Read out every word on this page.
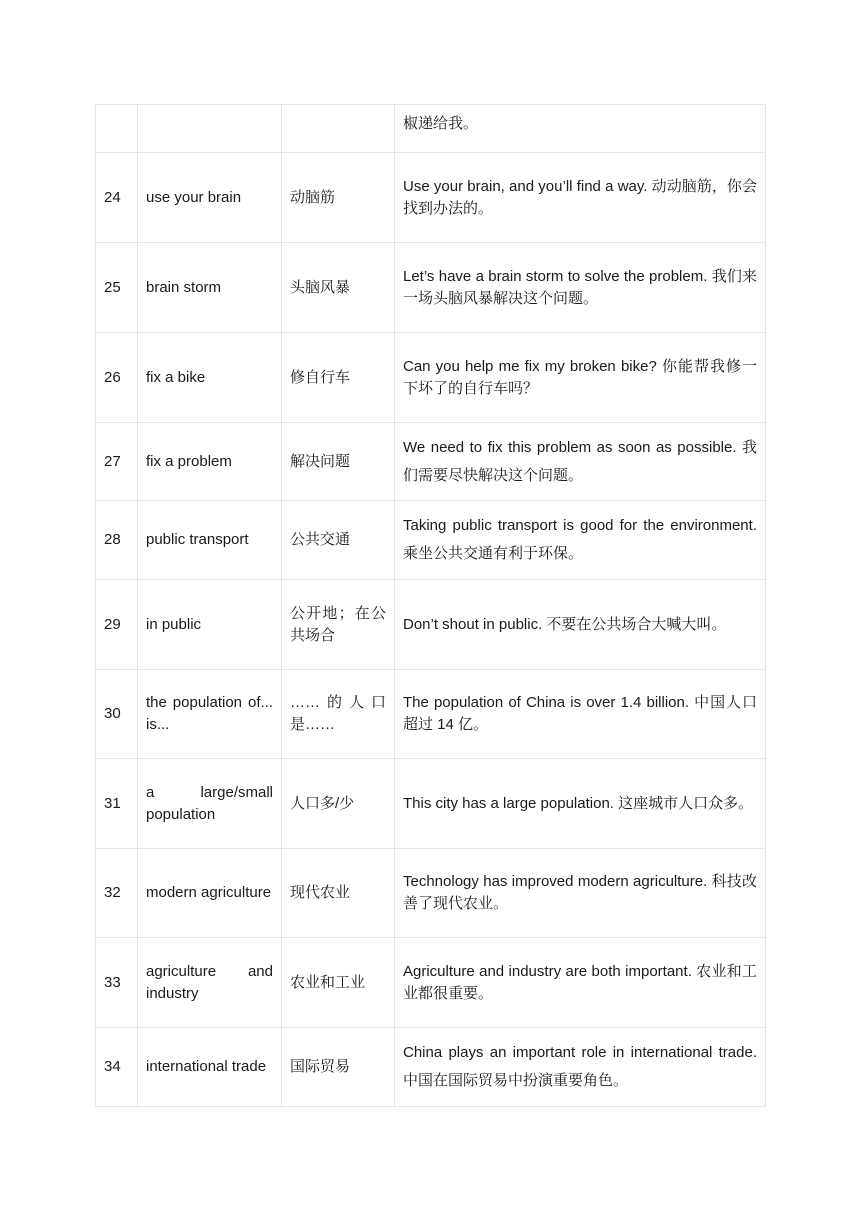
			椒递给我。
24	use your brain	动脑筋	Use your brain, and you’ll find a way. 动动脑筋，你会找到办法的。
25	brain storm	头脑风暴	Let’s have a brain storm to solve the problem. 我们来一场头脑风暴解决这个问题。
26	fix a bike	修自行车	Can you help me fix my broken bike? 你能帮我修一下坏了的自行车吗？
27	fix a problem	解决问题	We need to fix this problem as soon as possible. 我们需要尽快解决这个问题。
28	public transport	公共交通	Taking public transport is good for the environment. 乘坐公共交通有利于环保。
29	in public	公开地；在公共场合	Don’t shout in public. 不要在公共场合大喊大叫。
30	the population of... is...	……的人口是……	The population of China is over 1.4 billion. 中国人口超过 14 亿。
31	a large/small population	人口多/少	This city has a large population. 这座城市人口众多。
32	modern agriculture	现代农业	Technology has improved modern agriculture. 科技改善了现代农业。
33	agriculture and industry	农业和工业	Agriculture and industry are both important. 农业和工业都很重要。
34	international trade	国际贸易	China plays an important role in international trade. 中国在国际贸易中扮演重要角色。
